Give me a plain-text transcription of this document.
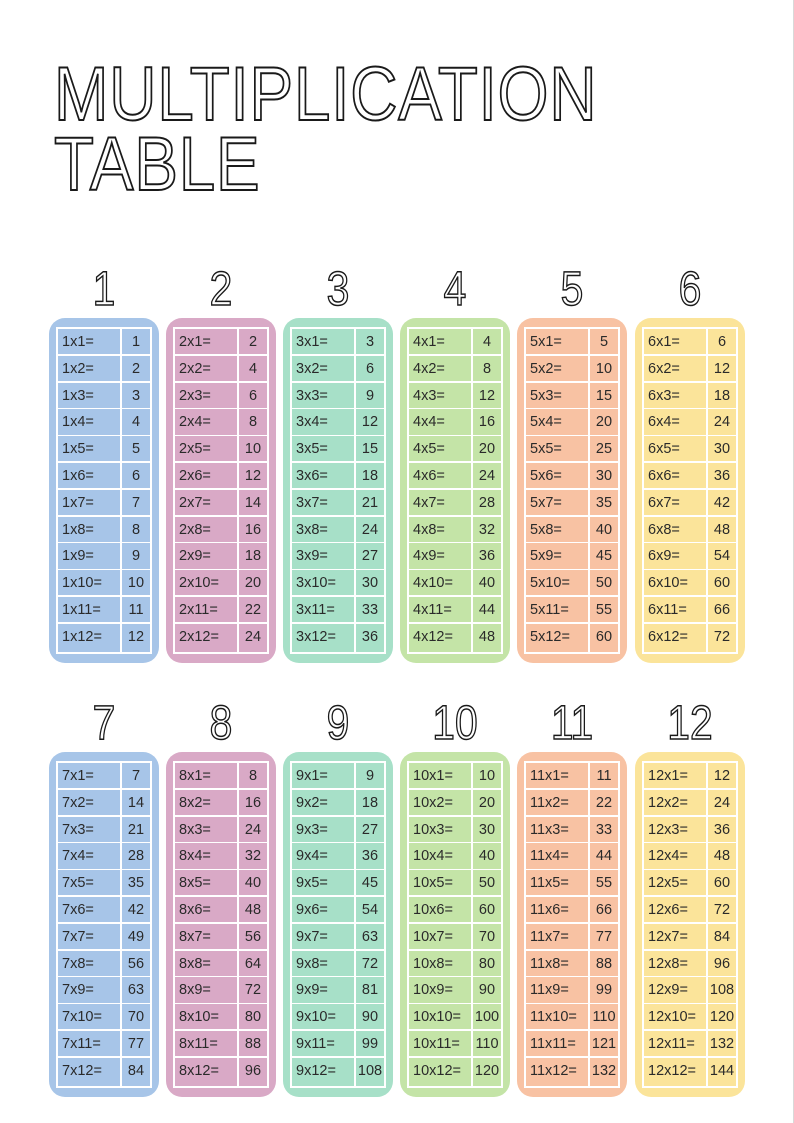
MULTIPLICATION
TABLE
1
1x1=	1
1x2=	2
1x3=	3
1x4=	4
1x5=	5
1x6=	6
1x7=	7
1x8=	8
1x9=	9
1x10=	10
1x11=	11
1x12=	12
2
2x1=	2
2x2=	4
2x3=	6
2x4=	8
2x5=	10
2x6=	12
2x7=	14
2x8=	16
2x9=	18
2x10=	20
2x11=	22
2x12=	24
3
3x1=	3
3x2=	6
3x3=	9
3x4=	12
3x5=	15
3x6=	18
3x7=	21
3x8=	24
3x9=	27
3x10=	30
3x11=	33
3x12=	36
4
4x1=	4
4x2=	8
4x3=	12
4x4=	16
4x5=	20
4x6=	24
4x7=	28
4x8=	32
4x9=	36
4x10=	40
4x11=	44
4x12=	48
5
5x1=	5
5x2=	10
5x3=	15
5x4=	20
5x5=	25
5x6=	30
5x7=	35
5x8=	40
5x9=	45
5x10=	50
5x11=	55
5x12=	60
6
6x1=	6
6x2=	12
6x3=	18
6x4=	24
6x5=	30
6x6=	36
6x7=	42
6x8=	48
6x9=	54
6x10=	60
6x11=	66
6x12=	72
7
7x1=	7
7x2=	14
7x3=	21
7x4=	28
7x5=	35
7x6=	42
7x7=	49
7x8=	56
7x9=	63
7x10=	70
7x11=	77
7x12=	84
8
8x1=	8
8x2=	16
8x3=	24
8x4=	32
8x5=	40
8x6=	48
8x7=	56
8x8=	64
8x9=	72
8x10=	80
8x11=	88
8x12=	96
9
9x1=	9
9x2=	18
9x3=	27
9x4=	36
9x5=	45
9x6=	54
9x7=	63
9x8=	72
9x9=	81
9x10=	90
9x11=	99
9x12= 108
10
10x1=	10
10x2=	20
10x3=	30
10x4=	40
10x5=	50
10x6=	60
10x7=	70
10x8=	80
10x9=	90
10x10= 100
10x11= 110
10x12= 120
11
11x1=	11
11x2=	22
11x3=	33
11x4=	44
11x5=	55
11x6=	66
11x7=	77
11x8=	88
11x9=	99
11x10= 110
11x11= 121
11x12= 132
12
12x1=	12
12x2=	24
12x3=	36
12x4=	48
12x5=	60
12x6=	72
12x7=	84
12x8=	96
12x9= 108
12x10= 120
12x11= 132
12x12= 144
